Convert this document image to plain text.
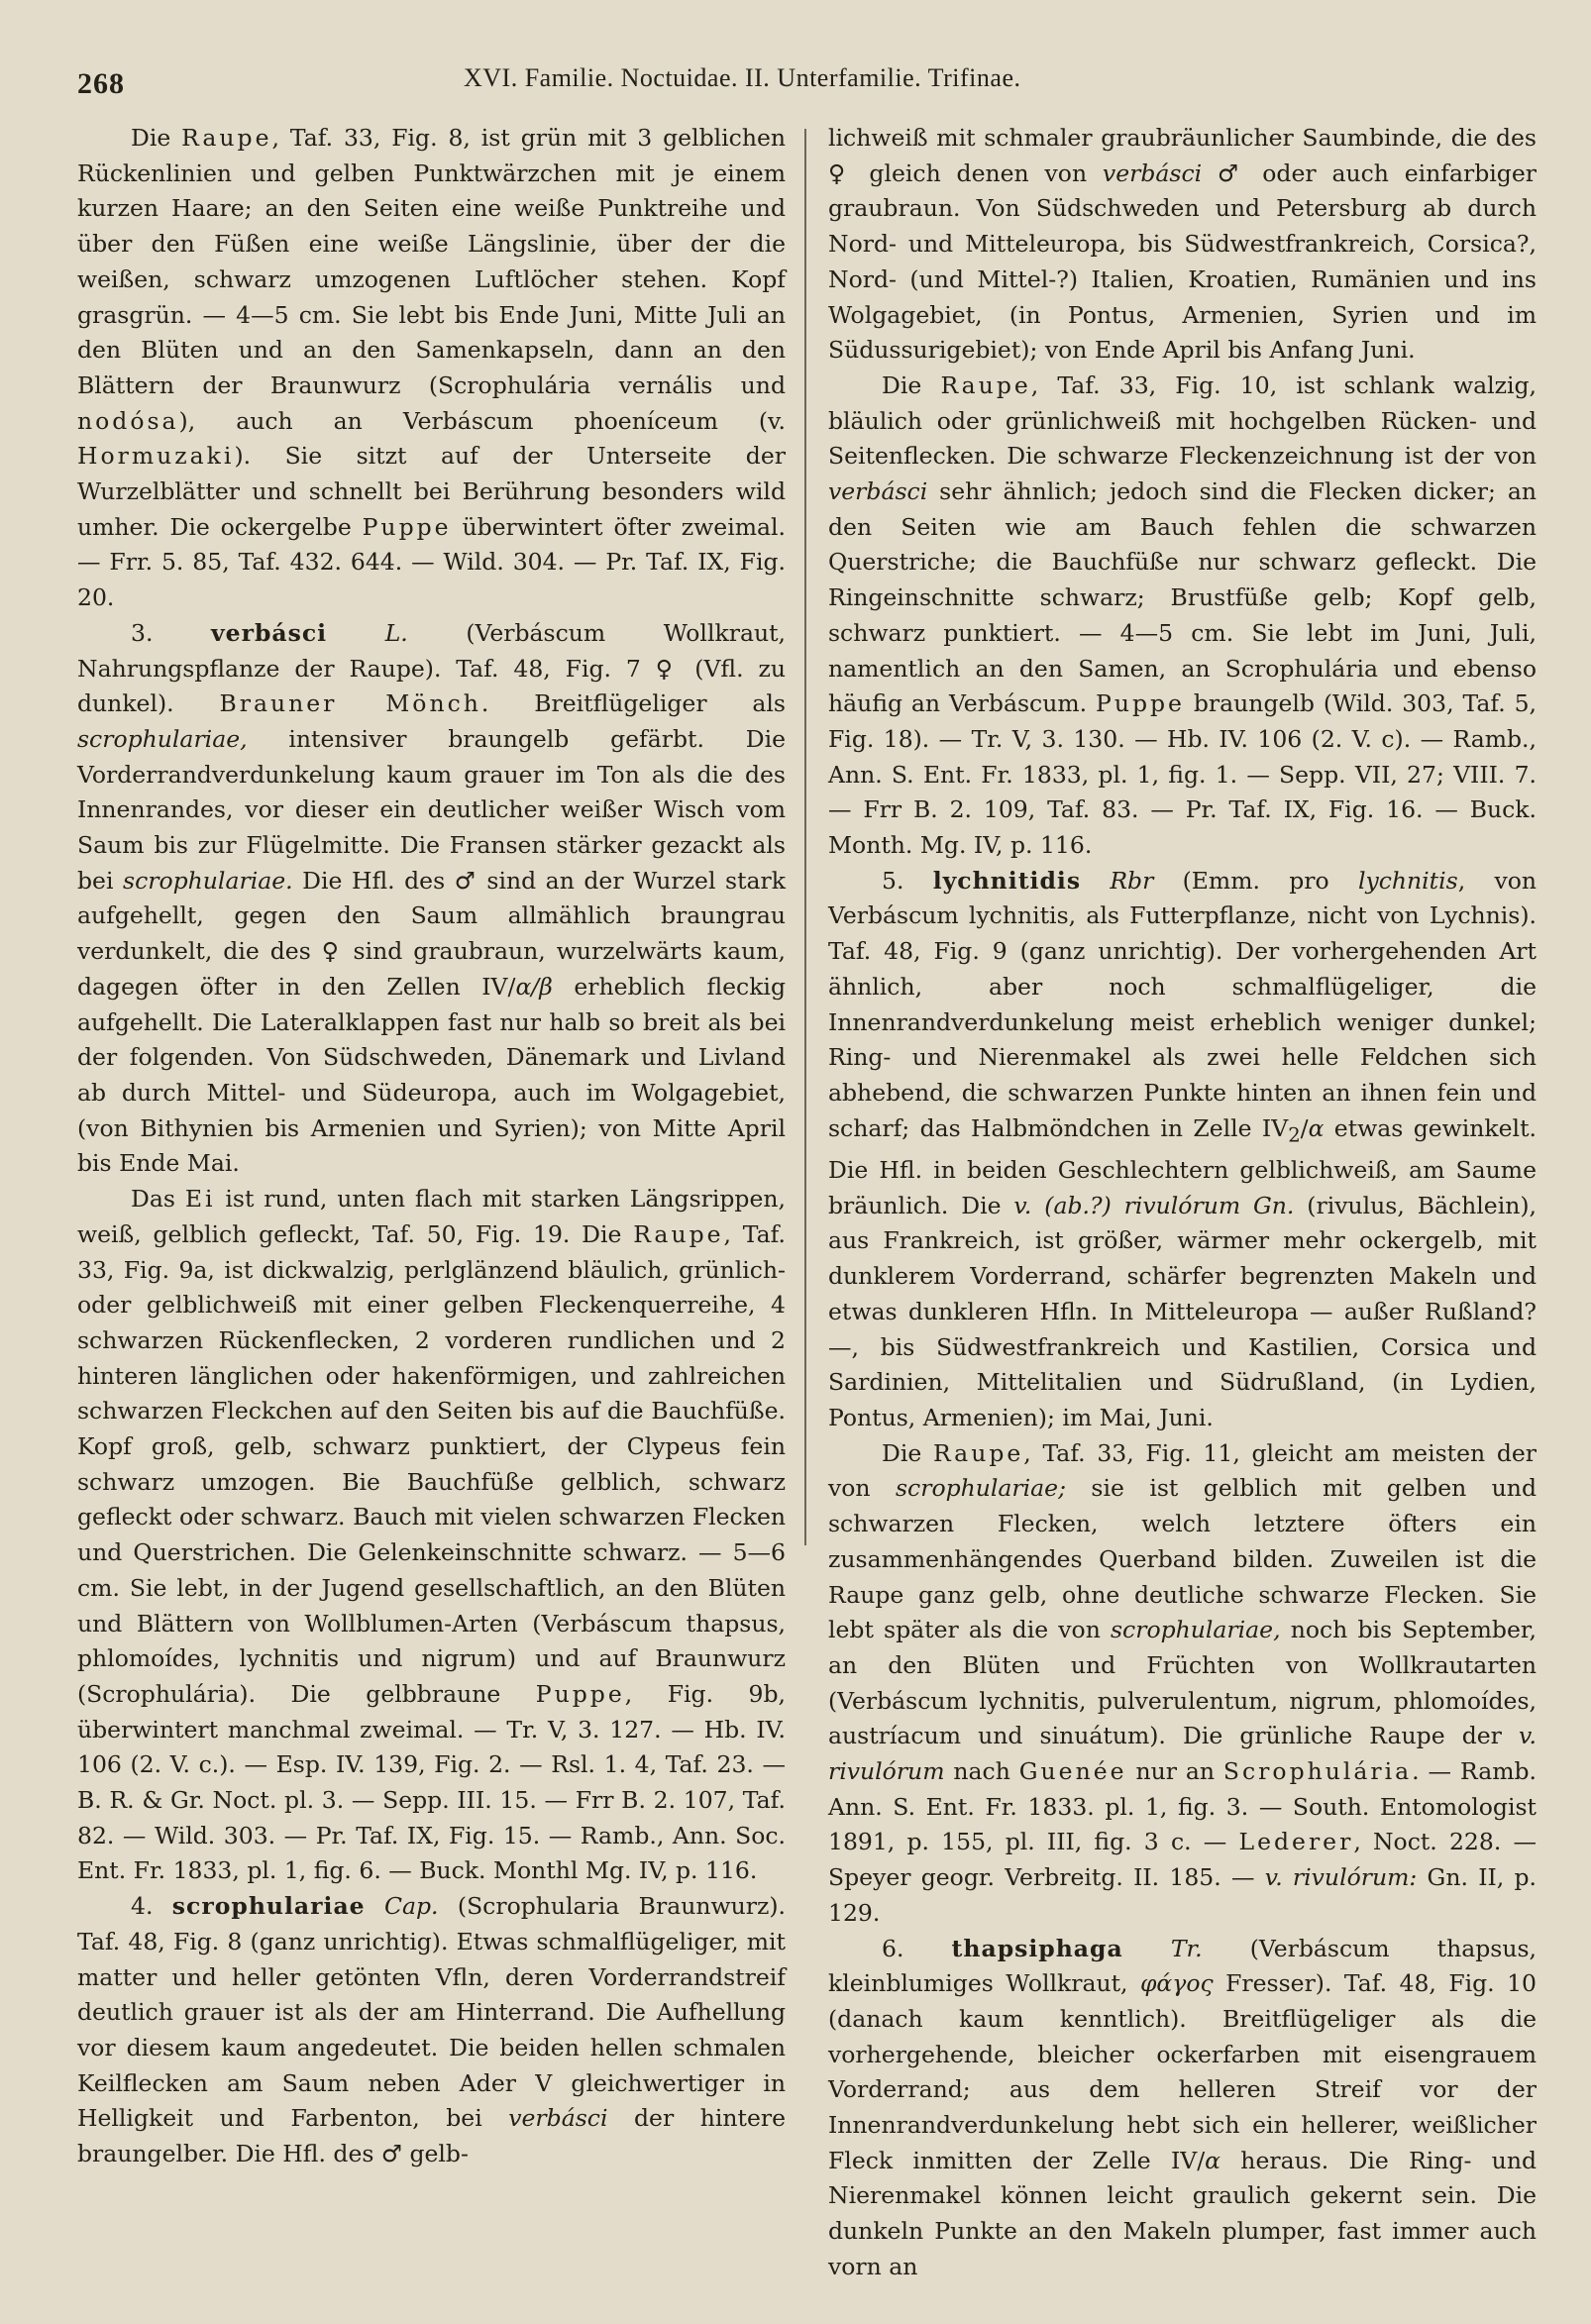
268	XVI. Familie. Noctuidae. II. Unterfamilie. Trifinae.

Die Raupe, Taf. 33, Fig. 8, ist grün mit 3 gelblichen Rückenlinien und gelben Punktwärzchen mit je einem kurzen Haare; an den Seiten eine weiße Punktreihe und über den Füßen eine weiße Längslinie, über der die weißen, schwarz umzogenen Luftlöcher stehen. Kopf grasgrün. — 4—5 cm. Sie lebt bis Ende Juni, Mitte Juli an den Blüten und an den Samenkapseln, dann an den Blättern der Braunwurz (Scrophulária vernális und nodósa), auch an Verbáscum phoeníceum (v. Hormuzaki). Sie sitzt auf der Unterseite der Wurzelblätter und schnellt bei Berührung besonders wild umher. Die ockergelbe Puppe überwintert öfter zweimal. — Frr. 5. 85, Taf. 432. 644. — Wild. 304. — Pr. Taf. IX, Fig. 20.

3. verbásci L. (Verbáscum Wollkraut, Nahrungspflanze der Raupe). Taf. 48, Fig. 7 ♀ (Vfl. zu dunkel). Brauner Mönch. Breitflügeliger als scrophulariae, intensiver braungelb gefärbt. Die Vorderrandverdunkelung kaum grauer im Ton als die des Innenrandes, vor dieser ein deutlicher weißer Wisch vom Saum bis zur Flügelmitte. Die Fransen stärker gezackt als bei scrophulariae. Die Hfl. des ♂ sind an der Wurzel stark aufgehellt, gegen den Saum allmählich braungrau verdunkelt, die des ♀ sind graubraun, wurzelwärts kaum, dagegen öfter in den Zellen IV/α/β erheblich fleckig aufgehellt. Die Lateralklappen fast nur halb so breit als bei der folgenden. Von Südschweden, Dänemark und Livland ab durch Mittel- und Südeuropa, auch im Wolgagebiet, (von Bithynien bis Armenien und Syrien); von Mitte April bis Ende Mai.

Das Ei ist rund, unten flach mit starken Längsrippen, weiß, gelblich gefleckt, Taf. 50, Fig. 19. Die Raupe, Taf. 33, Fig. 9a, ist dickwalzig, perlglänzend bläulich, grünlich- oder gelblichweiß mit einer gelben Fleckenquerreihe, 4 schwarzen Rückenflecken, 2 vorderen rundlichen und 2 hinteren länglichen oder hakenförmigen, und zahlreichen schwarzen Fleckchen auf den Seiten bis auf die Bauchfüße. Kopf groß, gelb, schwarz punktiert, der Clypeus fein schwarz umzogen. Bie Bauchfüße gelblich, schwarz gefleckt oder schwarz. Bauch mit vielen schwarzen Flecken und Querstrichen. Die Gelenkeinschnitte schwarz. — 5—6 cm. Sie lebt, in der Jugend gesellschaftlich, an den Blüten und Blättern von Wollblumen-Arten (Verbáscum thapsus, phlomoídes, lychnitis und nigrum) und auf Braunwurz (Scrophulária). Die gelbbraune Puppe, Fig. 9b, überwintert manchmal zweimal. — Tr. V, 3. 127. — Hb. IV. 106 (2. V. c.). — Esp. IV. 139, Fig. 2. — Rsl. 1. 4, Taf. 23. — B. R. & Gr. Noct. pl. 3. — Sepp. III. 15. — Frr B. 2. 107, Taf. 82. — Wild. 303. — Pr. Taf. IX, Fig. 15. — Ramb., Ann. Soc. Ent. Fr. 1833, pl. 1, fig. 6. — Buck. Monthl Mg. IV, p. 116.

4. scrophulariae Cap. (Scrophularia Braunwurz). Taf. 48, Fig. 8 (ganz unrichtig). Etwas schmalflügeliger, mit matter und heller getönten Vfln, deren Vorderrandstreif deutlich grauer ist als der am Hinterrand. Die Aufhellung vor diesem kaum angedeutet. Die beiden hellen schmalen Keilflecken am Saum neben Ader V gleichwertiger in Helligkeit und Farbenton, bei verbásci der hintere braungelber. Die Hfl. des ♂ gelb-

lichweiß mit schmaler graubräunlicher Saumbinde, die des ♀ gleich denen von verbásci ♂ oder auch einfarbiger graubraun. Von Südschweden und Petersburg ab durch Nord- und Mitteleuropa, bis Südwestfrankreich, Corsica?, Nord- (und Mittel-?) Italien, Kroatien, Rumänien und ins Wolgagebiet, (in Pontus, Armenien, Syrien und im Südussurigebiet); von Ende April bis Anfang Juni.

Die Raupe, Taf. 33, Fig. 10, ist schlank walzig, bläulich oder grünlichweiß mit hochgelben Rücken- und Seitenflecken. Die schwarze Fleckenzeichnung ist der von verbásci sehr ähnlich; jedoch sind die Flecken dicker; an den Seiten wie am Bauch fehlen die schwarzen Querstriche; die Bauchfüße nur schwarz gefleckt. Die Ringeinschnitte schwarz; Brustfüße gelb; Kopf gelb, schwarz punktiert. — 4—5 cm. Sie lebt im Juni, Juli, namentlich an den Samen, an Scrophulária und ebenso häufig an Verbáscum. Puppe braungelb (Wild. 303, Taf. 5, Fig. 18). — Tr. V, 3. 130. — Hb. IV. 106 (2. V. c). — Ramb., Ann. S. Ent. Fr. 1833, pl. 1, fig. 1. — Sepp. VII, 27; VIII. 7. — Frr B. 2. 109, Taf. 83. — Pr. Taf. IX, Fig. 16. — Buck. Month. Mg. IV, p. 116.

5. lychnitidis Rbr (Emm. pro lychnitis, von Verbáscum lychnitis, als Futterpflanze, nicht von Lychnis). Taf. 48, Fig. 9 (ganz unrichtig). Der vorhergehenden Art ähnlich, aber noch schmalflügeliger, die Innenrandverdunkelung meist erheblich weniger dunkel; Ring- und Nierenmakel als zwei helle Feldchen sich abhebend, die schwarzen Punkte hinten an ihnen fein und scharf; das Halbmöndchen in Zelle $IV_2/\alpha$ etwas gewinkelt. Die Hfl. in beiden Geschlechtern gelblichweiß, am Saume bräunlich. Die v. (ab.?) rivulórum Gn. (rivulus, Bächlein), aus Frankreich, ist größer, wärmer mehr ockergelb, mit dunklerem Vorderrand, schärfer begrenzten Makeln und etwas dunkleren Hfln. In Mitteleuropa — außer Rußland? —, bis Südwestfrankreich und Kastilien, Corsica und Sardinien, Mittelitalien und Südrußland, (in Lydien, Pontus, Armenien); im Mai, Juni.

Die Raupe, Taf. 33, Fig. 11, gleicht am meisten der von scrophulariae; sie ist gelblich mit gelben und schwarzen Flecken, welch letztere öfters ein zusammenhängendes Querband bilden. Zuweilen ist die Raupe ganz gelb, ohne deutliche schwarze Flecken. Sie lebt später als die von scrophulariae, noch bis September, an den Blüten und Früchten von Wollkrautarten (Verbáscum lychnitis, pulverulentum, nigrum, phlomoídes, austríacum und sinuátum). Die grünliche Raupe der v. rivulórum nach Guenée nur an Scrophulária. — Ramb. Ann. S. Ent. Fr. 1833. pl. 1, fig. 3. — South. Entomologist 1891, p. 155, pl. III, fig. 3 c. — Lederer, Noct. 228. — Speyer geogr. Verbreitg. II. 185. — v. rivulórum: Gn. II, p. 129.

6. thapsiphaga Tr. (Verbáscum thapsus, kleinblumiges Wollkraut, φάγος Fresser). Taf. 48, Fig. 10 (danach kaum kenntlich). Breitflügeliger als die vorhergehende, bleicher ockerfarben mit eisengrauem Vorderrand; aus dem helleren Streif vor der Innenrandverdunkelung hebt sich ein hellerer, weißlicher Fleck inmitten der Zelle IV/α heraus. Die Ring- und Nierenmakel können leicht graulich gekernt sein. Die dunkeln Punkte an den Makeln plumper, fast immer auch vorn an
